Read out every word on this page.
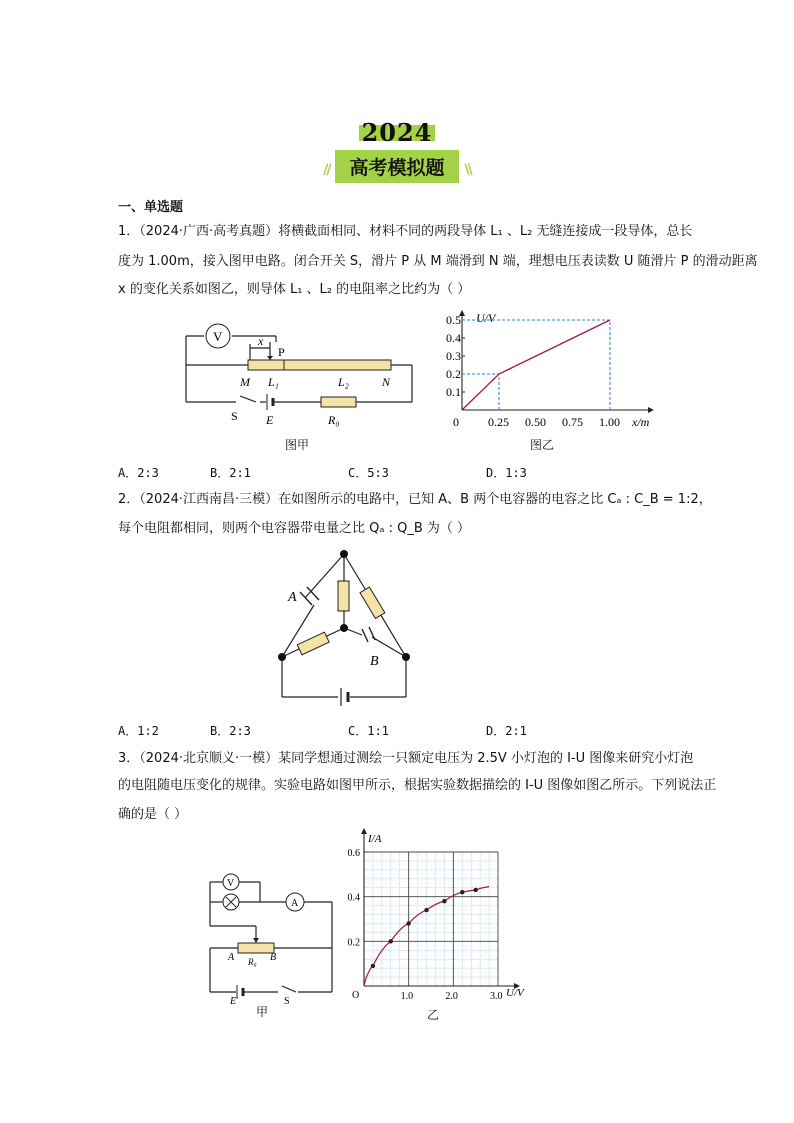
2024
// 高考模拟题 \\
一、单选题
1．（2024·广西·高考真题）将横截面相同、材料不同的两段导体 L₁ 、L₂ 无缝连接成一段导体，总长
度为 1.00m，接入图甲电路。闭合开关 S，滑片 P 从 M 端滑到 N 端，理想电压表读数 U 随滑片 P 的滑动距离
x 的变化关系如图乙，则导体 L₁ 、L₂ 的电阻率之比约为（ ）
V	x
P
M L₁	L₂	N
S E	R₀
图甲
0 0.25 0.50 0.75 1.00
0.1
0.2
0.3
0.4
0.5 U/V
x/m
图乙
A．2:3	B．2:1	C．5:3	D．1:3
2．（2024·江西南昌·三模）在如图所示的电路中，已知 A、B 两个电容器的电容之比 Cₐ : C_B = 1:2，
每个电阻都相同，则两个电容器带电量之比 Qₐ : Q_B 为（ ）
A
B
A．1:2	B．2:3	C．1:1	D．2:1
3．（2024·北京顺义·一模）某同学想通过测绘一只额定电压为 2.5V 小灯泡的 I-U 图像来研究小灯泡
的电阻随电压变化的规律。实验电路如图甲所示，根据实验数据描绘的 I-U 图像如图乙所示。下列说法正
确的是（ ）
V
A
A R₀ B
E	S
甲
I/A
U/V
O	1.0	2.0	3.0
0.2
0.4
0.6
乙
